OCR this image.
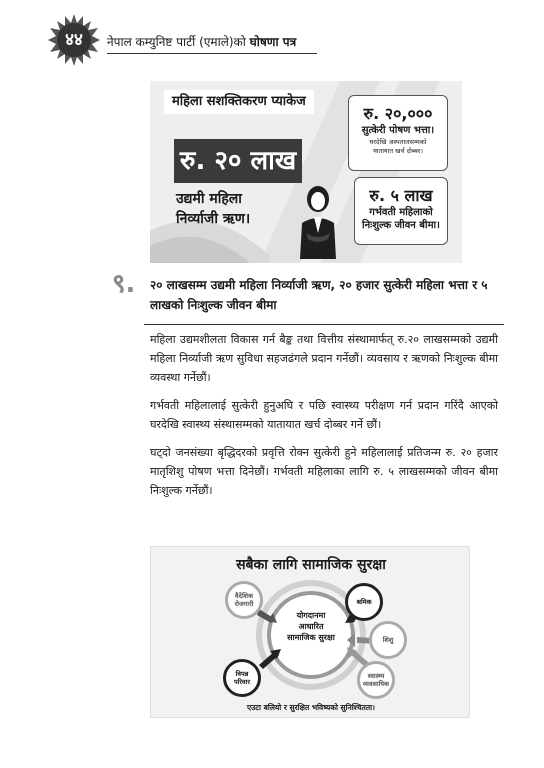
४४	नेपाल कम्युनिष्ट पार्टी (एमाले)को घोषणा पत्र
महिला सशक्तिकरण प्याकेज
रु. २० लाख
उद्यमी महिला
निर्व्याजी ऋण।
रु. २०,०००
सुत्केरी पोषण भत्ता।
घरदेखि अस्पतालसम्मको
यातायात खर्च दोब्बर।
रु. ५ लाख
गर्भवती महिलाको
निःशुल्क जीवन बीमा।
९. २० लाखसम्म उद्यमी महिला निर्व्याजी ऋण, २० हजार सुत्केरी महिला भत्ता र ५ लाखको निःशुल्क जीवन बीमा

महिला उद्यमशीलता विकास गर्न बैङ्क तथा वित्तीय संस्थामार्फत् रु.२० लाखसम्मको उद्यमी महिला निर्व्याजी ऋण सुविधा सहजढंगले प्रदान गर्नेछौं। व्यवसाय र ऋणको निःशुल्क बीमा व्यवस्था गर्नेछौं।

गर्भवती महिलालाई सुत्केरी हुनुअघि र पछि स्वास्थ्य परीक्षण गर्न प्रदान गरिंदै आएको घरदेखि स्वास्थ्य संस्थासम्मको यातायात खर्च दोब्बर गर्ने छौं।

घट्दो जनसंख्या बृद्धिदरको प्रवृत्ति रोक्न सुत्केरी हुने महिलालाई प्रतिजन्म रु. २० हजार मातृशिशु पोषण भत्ता दिनेछौं। गर्भवती महिलाका लागि रु. ५ लाखसम्मको जीवन बीमा निःशुल्क गर्नेछौं।

सबैका लागि सामाजिक सुरक्षा
योगदानमा
आधारित
सामाजिक सुरक्षा
वैदेशिक
रोजगारी	श्रमिक
शिशु
विपन्न
परिवार
स्वास्थ्य
व्यवसायिक
एउटा बलियो र सुरक्षित भविष्यको सुनिश्चितता।
